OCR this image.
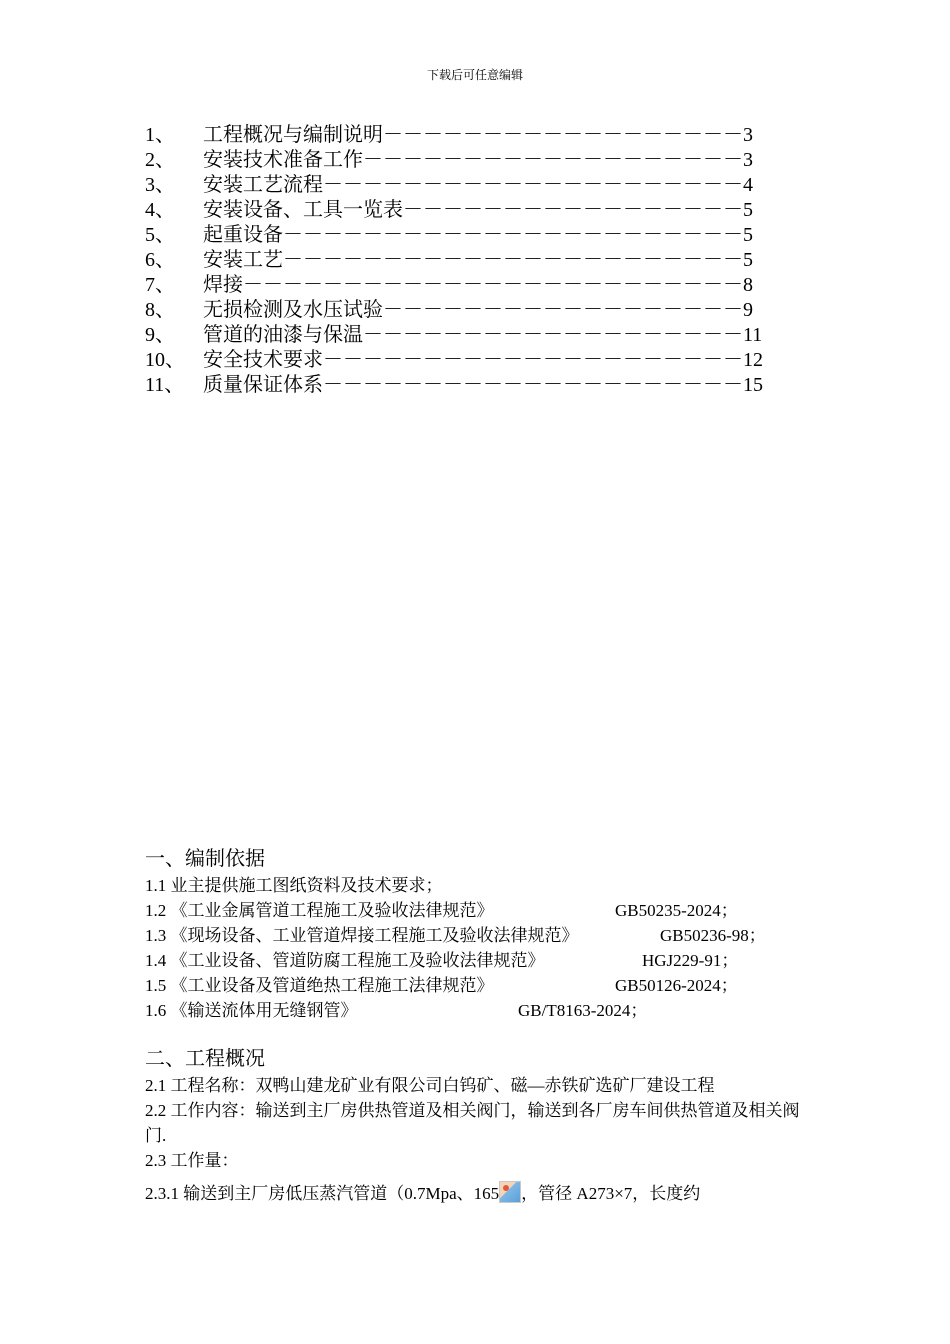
下载后可任意编辑
1、	工程概况与编制说明 －－－－－－－－－－－－－－－－－－ 3
2、	安装技术准备工作 －－－－－－－－－－－－－－－－－－－ 3
3、	安装工艺流程 －－－－－－－－－－－－－－－－－－－－－ 4
4、	安装设备、工具一览表 －－－－－－－－－－－－－－－－－ 5
5、	起重设备 －－－－－－－－－－－－－－－－－－－－－－－ 5
6、	安装工艺 －－－－－－－－－－－－－－－－－－－－－－－ 5
7、	焊接 －－－－－－－－－－－－－－－－－－－－－－－－－ 8
8、	无损检测及水压试验 －－－－－－－－－－－－－－－－－－ 9
9、	管道的油漆与保温 －－－－－－－－－－－－－－－－－－－ 11
10、 安全技术要求 －－－－－－－－－－－－－－－－－－－－－ 12
11、 质量保证体系 －－－－－－－－－－－－－－－－－－－－－ 15
一、编制依据
1.1 业主提供施工图纸资料及技术要求；
1.2 《工业金属管道工程施工及验收法律规范》	GB50235-2024；
1.3 《现场设备、工业管道焊接工程施工及验收法律规范》	GB50236-98；
1.4 《工业设备、管道防腐工程施工及验收法律规范》	HGJ229-91；
1.5 《工业设备及管道绝热工程施工法律规范》	GB50126-2024；
1.6 《输送流体用无缝钢管》	GB/T8163-2024；
二、工程概况
2.1 工程名称：双鸭山建龙矿业有限公司白钨矿、磁—赤铁矿选矿厂建设工程
2.2 工作内容：输送到主厂房供热管道及相关阀门，输送到各厂房车间供热管道及相关阀门.
2.3 工作量：
2.3.1 输送到主厂房低压蒸汽管道（0.7Mpa、165 ，管径 A273×7，长度约
